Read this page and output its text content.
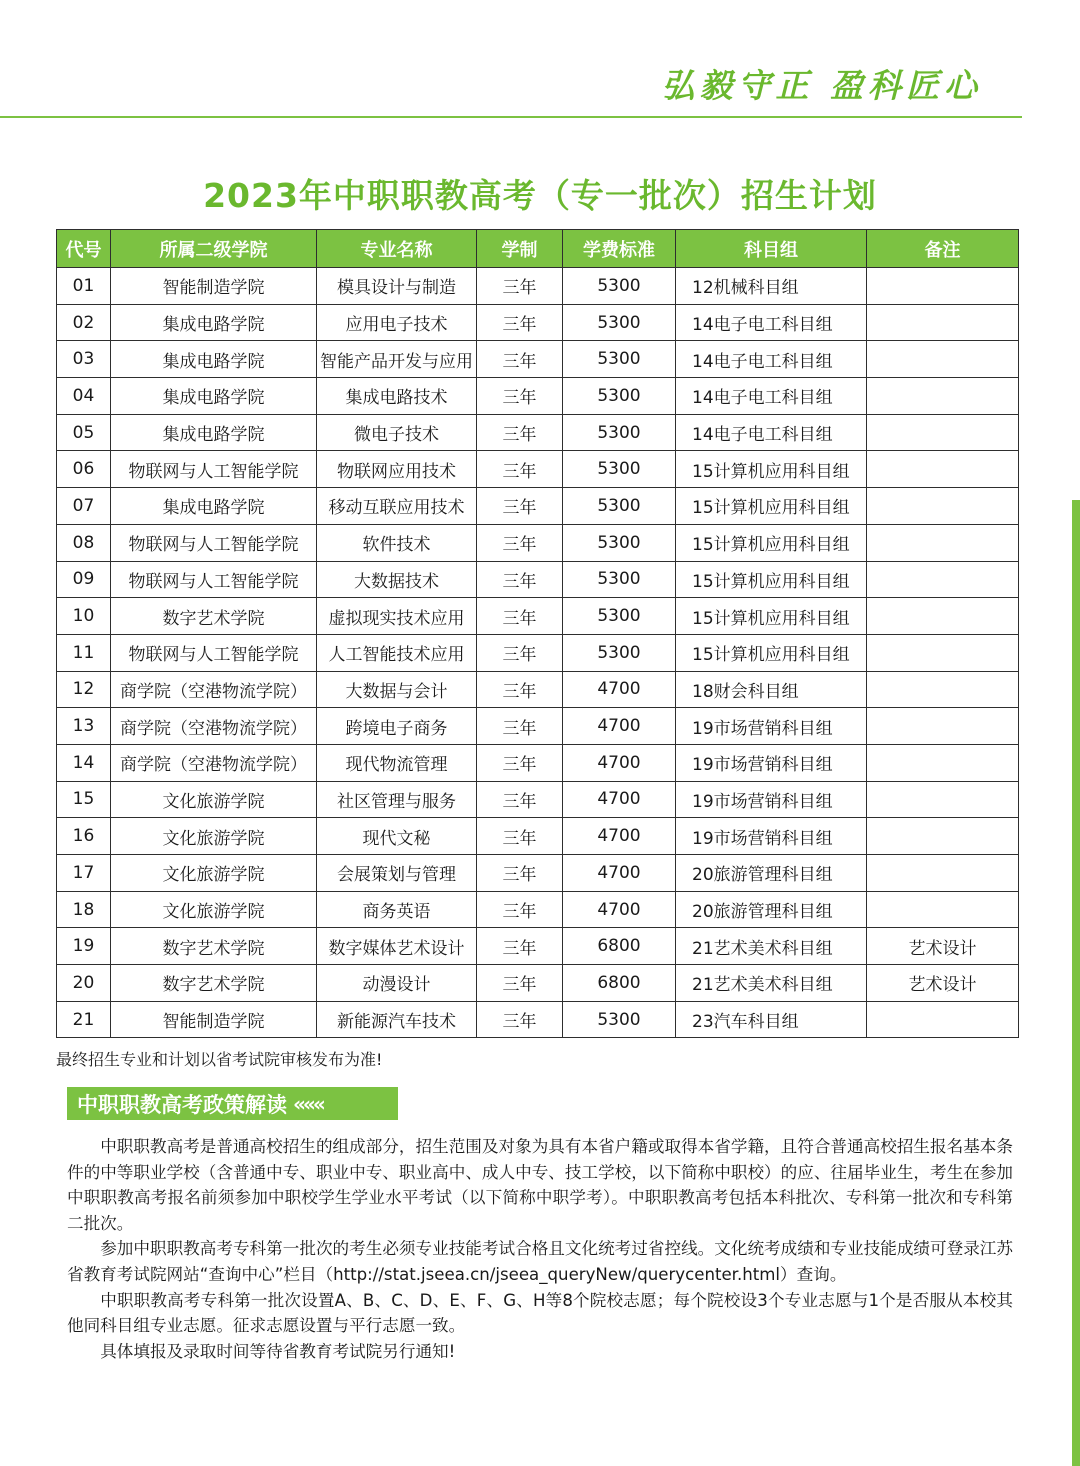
弘毅守正 盈科匠心
2023年中职职教高考（专一批次）招生计划
代号	所属二级学院	专业名称	学制	学费标准	科目组	备注
01	智能制造学院	模具设计与制造	三年	5300	12机械科目组	
02	集成电路学院	应用电子技术	三年	5300	14电子电工科目组	
03	集成电路学院	智能产品开发与应用	三年	5300	14电子电工科目组	
04	集成电路学院	集成电路技术	三年	5300	14电子电工科目组	
05	集成电路学院	微电子技术	三年	5300	14电子电工科目组	
06	物联网与人工智能学院	物联网应用技术	三年	5300	15计算机应用科目组	
07	集成电路学院	移动互联应用技术	三年	5300	15计算机应用科目组	
08	物联网与人工智能学院	软件技术	三年	5300	15计算机应用科目组	
09	物联网与人工智能学院	大数据技术	三年	5300	15计算机应用科目组	
10	数字艺术学院	虚拟现实技术应用	三年	5300	15计算机应用科目组	
11	物联网与人工智能学院	人工智能技术应用	三年	5300	15计算机应用科目组	
12	商学院（空港物流学院）	大数据与会计	三年	4700	18财会科目组	
13	商学院（空港物流学院）	跨境电子商务	三年	4700	19市场营销科目组	
14	商学院（空港物流学院）	现代物流管理	三年	4700	19市场营销科目组	
15	文化旅游学院	社区管理与服务	三年	4700	19市场营销科目组	
16	文化旅游学院	现代文秘	三年	4700	19市场营销科目组	
17	文化旅游学院	会展策划与管理	三年	4700	20旅游管理科目组	
18	文化旅游学院	商务英语	三年	4700	20旅游管理科目组	
19	数字艺术学院	数字媒体艺术设计	三年	6800	21艺术美术科目组	艺术设计
20	数字艺术学院	动漫设计	三年	6800	21艺术美术科目组	艺术设计
21	智能制造学院	新能源汽车技术	三年	5300	23汽车科目组	
最终招生专业和计划以省考试院审核发布为准!
中职职教高考政策解读 «««

中职职教高考是普通高校招生的组成部分，招生范围及对象为具有本省户籍或取得本省学籍，且符合普通高校招生报名基本条件的中等职业学校（含普通中专、职业中专、职业高中、成人中专、技工学校，以下简称中职校）的应、往届毕业生，考生在参加中职职教高考报名前须参加中职校学生学业水平考试（以下简称中职学考）。中职职教高考包括本科批次、专科第一批次和专科第二批次。

参加中职职教高考专科第一批次的考生必须专业技能考试合格且文化统考过省控线。文化统考成绩和专业技能成绩可登录江苏省教育考试院网站“查询中心”栏目（http://stat.jseea.cn/jseea_queryNew/querycenter.html）查询。

中职职教高考专科第一批次设置A、B、C、D、E、F、G、H等8个院校志愿；每个院校设3个专业志愿与1个是否服从本校其他同科目组专业志愿。征求志愿设置与平行志愿一致。

具体填报及录取时间等待省教育考试院另行通知!
